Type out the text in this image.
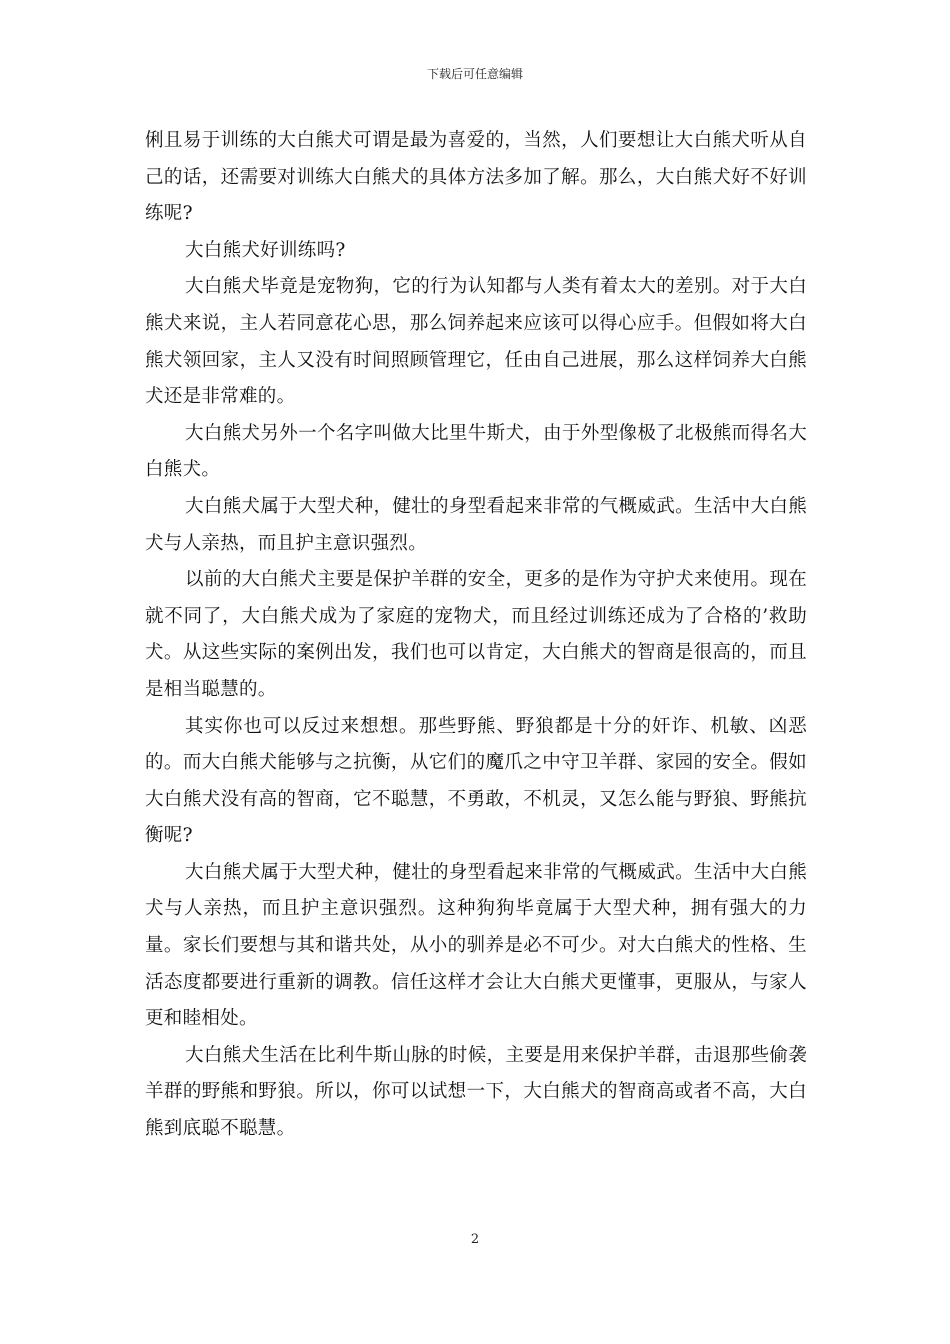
下载后可任意编辑

俐且易于训练的大白熊犬可谓是最为喜爱的，当然，人们要想让大白熊犬听从自己的话，还需要对训练大白熊犬的具体方法多加了解。那么，大白熊犬好不好训练呢?

大白熊犬好训练吗?

大白熊犬毕竟是宠物狗，它的行为认知都与人类有着太大的差别。对于大白熊犬来说，主人若同意花心思，那么饲养起来应该可以得心应手。但假如将大白熊犬领回家，主人又没有时间照顾管理它，任由自己进展，那么这样饲养大白熊犬还是非常难的。

大白熊犬另外一个名字叫做大比里牛斯犬，由于外型像极了北极熊而得名大白熊犬。

大白熊犬属于大型犬种，健壮的身型看起来非常的气概威武。生活中大白熊犬与人亲热，而且护主意识强烈。

以前的大白熊犬主要是保护羊群的安全，更多的是作为守护犬来使用。现在就不同了，大白熊犬成为了家庭的宠物犬，而且经过训练还成为了合格的’救助犬。从这些实际的案例出发，我们也可以肯定，大白熊犬的智商是很高的，而且是相当聪慧的。

其实你也可以反过来想想。那些野熊、野狼都是十分的奸诈、机敏、凶恶的。而大白熊犬能够与之抗衡，从它们的魔爪之中守卫羊群、家园的安全。假如大白熊犬没有高的智商，它不聪慧，不勇敢，不机灵，又怎么能与野狼、野熊抗衡呢?

大白熊犬属于大型犬种，健壮的身型看起来非常的气概威武。生活中大白熊犬与人亲热，而且护主意识强烈。这种狗狗毕竟属于大型犬种，拥有强大的力量。家长们要想与其和谐共处，从小的驯养是必不可少。对大白熊犬的性格、生活态度都要进行重新的调教。信任这样才会让大白熊犬更懂事，更服从，与家人更和睦相处。

大白熊犬生活在比利牛斯山脉的时候，主要是用来保护羊群，击退那些偷袭羊群的野熊和野狼。所以，你可以试想一下，大白熊犬的智商高或者不高，大白熊到底聪不聪慧。

2
